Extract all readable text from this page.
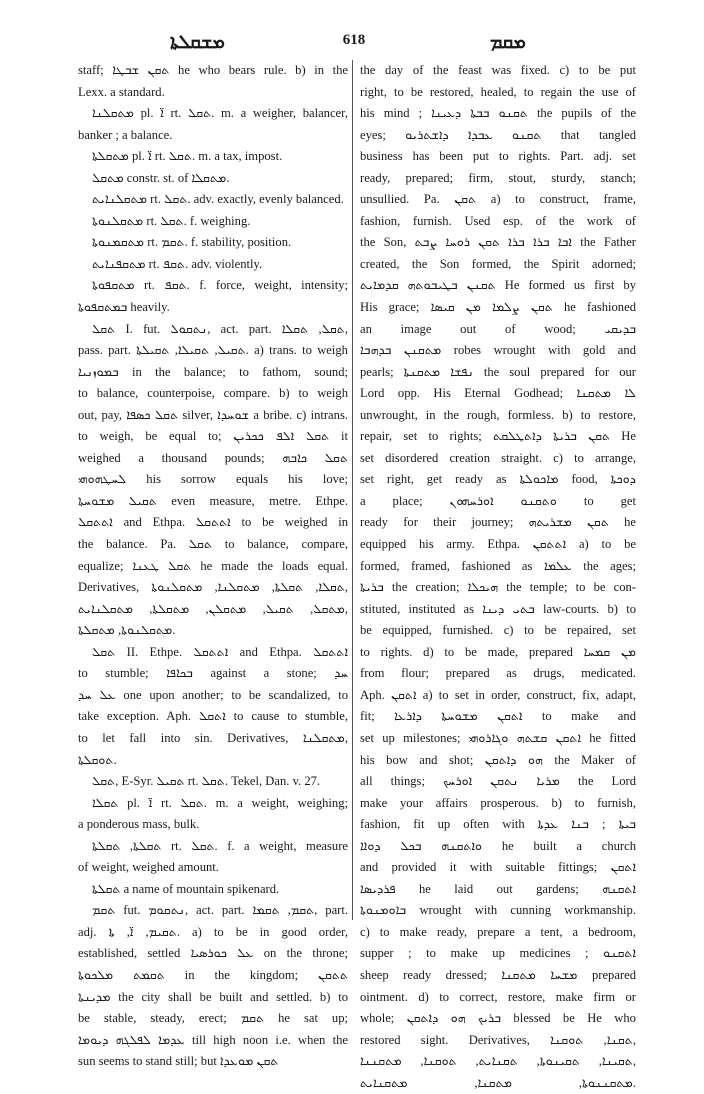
ܡܫܩܠܬܐ	618	ܡܩܡ
staff; ܬܩܢ ܫܒܛܐ he who bears rule. b) in the
Lexx. a standard.
ܡܬܩܠܢܐ pl. ܐ̈ rt. ܬܩܠ. m. a weigher, balancer,
banker ; a balance.
ܡܬܩܠܬܐ pl. ܐ̈ rt. ܬܩܠ. m. a tax, impost.
ܡܬܩܠ constr. st. of ܡܬܩܠܐ.
ܡܬܩܠܢܐܝܬ rt. ܬܩܠ. adv. exactly, evenly balanced.
ܡܬܩܠܢܘܬܐ rt. ܬܩܠ. f. weighing.
ܡܬܩܡܢܘܬܐ rt. ܬܩܡ. f. stability, position.
ܡܬܩܦܢܐܝܬ rt. ܬܩܦ. adv. violently.
ܡܬܩܦܘܬܐ rt. ܬܩܦ. f. force, weight, intensity;
ܒܡܬܩܦܘܬܐ heavily.
ܬܩܠ I. fut. ܢܬܩܘܠ, act. part. ܬܩܠ, ܬܩܠܐ,
pass. part. ܬܩܝܠ, ܬܩܝܠܐ, ܬܩܝܠܬܐ. a) trans. to weigh
ܒܡܘܙܢܝܐ in the balance; to fathom, sound;
to balance, counterpoise, compare. b) to weigh
out, pay, ܬܩܠ ܟܣܦܐ silver, ܫܘܚܕܐ a bribe. c) intrans.
to weigh, be equal to; ܬܩܠ ܐܠܦ ܟܟܪܝܢ it
weighed a thousand pounds; ܬܩܠ ܟܐܒܗ
ܠܚܛܗܘܗܝ his sorrow equals his love;
ܬܩܝܠ ܡܫܘܚܬܐ even measure, metre. Ethpe.
ܐܬܬܩܠ and Ethpa. ܐܬܬܩܠ to be weighed in
the balance. Pa. ܬܩܠ to balance, compare,
equalize; ܬܩܠ ܛܥܢܐ he made the loads equal.
Derivatives, ܬܩܠܐ, ܬܩܠܬܐ, ܡܬܩܠܢܐ, ܡܬܩܠܢܘܬܐ,
ܡܬܩܠ, ܬܩܝܠ, ܡܬܩܠܢ, ܡܬܩܠܬܐ, ܡܬܩܠܢܐܝܬ,
ܡܬܩܠܢܘܬܐ, ܡܬܩܠܬܐ.
ܬܩܠ II. Ethpe. ܐܬܬܩܠ and Ethpa. ܐܬܬܩܠ
to stumble; ܒܟܐܦܐ against a stone; ܚܕ
ܥܠ ܚܕ one upon another; to be scandalized, to
take exception. Aph. ܐܬܩܠ to cause to stumble,
to let fall into sin. Derivatives, ܡܬܩܠܢܐ,
ܬܘܩܠܬܐ.
ܬܩܠ, E-Syr. ܬܩܝܠ rt. ܬܩܠ. Tekel, Dan. v. 27.
ܬܩܠܐ pl. ܐ̈ rt. ܬܩܠ. m. a weight, weighing;
a ponderous mass, bulk.
ܬܩܠܬܐ, ܬܩܠܬܐ rt. ܬܩܠ. f. a weight, measure
of weight, weighed amount.
ܬܩܠܬܐ a name of mountain spikenard.
ܬܩܡ fut. ܢܬܩܘܡ, act. part. ܬܩܡ, ܬܩܡܐ, part.
adj. ܬܩܝܡ, ܐ̈, ܬܐ. a) to be in good order,
established, settled ܥܠ ܟܘܪܣܝܐ on the throne;
ܬܩܡܬ ܡܠܟܘܬܐ in the kingdom; ܬܬܩܢ
ܡܕܝܢܬܐ the city shall be built and settled. b) to
be stable, steady, erect; ܬܩܡ he sat up;
ܥܕܡܐ ܠܦܠܓܗ ܕܝܘܡܐ till high noon i.e. when the
sun seems to stand still; but ܬܩܢ ܡܘܥܕܐ
the day of the feast was fixed. c) to be put
right, to be restored, healed, to regain the use of
his mind ; ܬܩܢܘ ܒܒܬܐ ܕܥܝܢܐ the pupils of the
eyes; ܬܩܢܘ ܥܒܕܐ ܕܐܫܬܪܝܘ that tangled
business has been put to rights. Part. adj. set
ready, prepared; firm, stout, sturdy, stanch;
unsullied. Pa. ܬܩܢ a) to construct, frame,
fashion, furnish. Used esp. of the work of
the Son, ܐܒܐ ܒܪܐ ܒܪܐ ܬܩܢ ܪܘܚܐ ܨܒܬ the Father
created, the Son formed, the Spirit adorned;
ܬܩܢܢ ܒܛܝܒܘܬܗ ܩܕܡܐܝܬ He formed us first by
His grace; ܬܩܢ ܨܠܡܐ ܡܢ ܩܝܣܐ he fashioned
an image out of wood; ܒܕܝܩܝ
ܡܬܩܢܢ ܒܕܗܒܐ robes wrought with gold and
pearls; ܢܦܫܐ ܡܬܩܢܬܐ the soul prepared for our
Lord opp. His Eternal Godhead; ܠܐ ܡܬܩܢܐ
unwrought, in the rough, formless. b) to restore,
repair, set to rights; ܬܩܢ ܒܪܝܬܐ ܕܐܬܛܠܩܬ He
set disordered creation straight. c) to arrange,
set right, get ready as ܡܐܟܘܠܬܐ food, ܕܘܟܬܐ
a place; ܘܬܩܢܘ ܐܘܪܚܗܘܢ to get
ready for their journey; ܬܩܢ ܡܫܪܝܬܗ he
equipped his army. Ethpa. ܐܬܬܩܢ a) to be
formed, framed, fashioned as ܥܠܡܐ the ages;
ܒܪܝܬܐ the creation; ܗܝܟܠܐ the temple; to be con-
stituted, instituted as ܒܬܝ ܕܝܢܐ law-courts. b) to
be equipped, furnished. c) to be repaired, set
to rights. d) to be made, prepared ܡܢ ܩܡܚܐ
from flour; prepared as drugs, medicated.
Aph. ܐܬܩܢ a) to set in order, construct, fix, adapt,
fit; ܐܬܩܢ ܡܫܘܚܬܐ ܕܐܪܥܐ to make and
set up milestones; ܐܬܩܢ ܩܫܬܗ ܘܓܐܪܘܗܝ he fitted
his bow and shot; ܗܘ ܕܐܬܩܢ the Maker of
all things; ܡܪܝܐ ܢܬܩܢ ܐܘܪܚܟ the Lord
make your affairs prosperous. b) to furnish,
fashion, fit up often with ܒܝܬܐ ; ܒܢܐ ܥܕܬܐ
ܘܐܬܩܢܗ ܒܟܠ ܕܘܐܐ he built a church
and provided it with suitable fittings; ܐܬܩܢ
ܦܪܕܝܣܐ he laid out gardens; ܐܬܩܢܗ
ܒܐܘܡܢܘܬܐ wrought with cunning workmanship.
c) to make ready, prepare a tent, a bedroom,
supper ; to make up medicines ; ܐܬܩܢܘ
sheep ready dressed; ܡܫܚܐ ܡܬܩܢܐ prepared
ointment. d) to correct, restore, make firm or
whole; ܒܪܝܟ ܗܘ ܕܐܬܩܢ blessed be He who
restored sight. Derivatives, ܬܩܢܐ, ܬܘܩܢܐ,
ܬܩܝܢܐ, ܬܩܝܢܘܬܐ, ܬܩܢܐܝܬ, ܬܘܩܢܐ, ܡܬܩܢܢܐ,
ܡܬܩܢܢܘܬܐ, ܡܬܩܢܐ, ܡܬܩܢܐܝܬ.
